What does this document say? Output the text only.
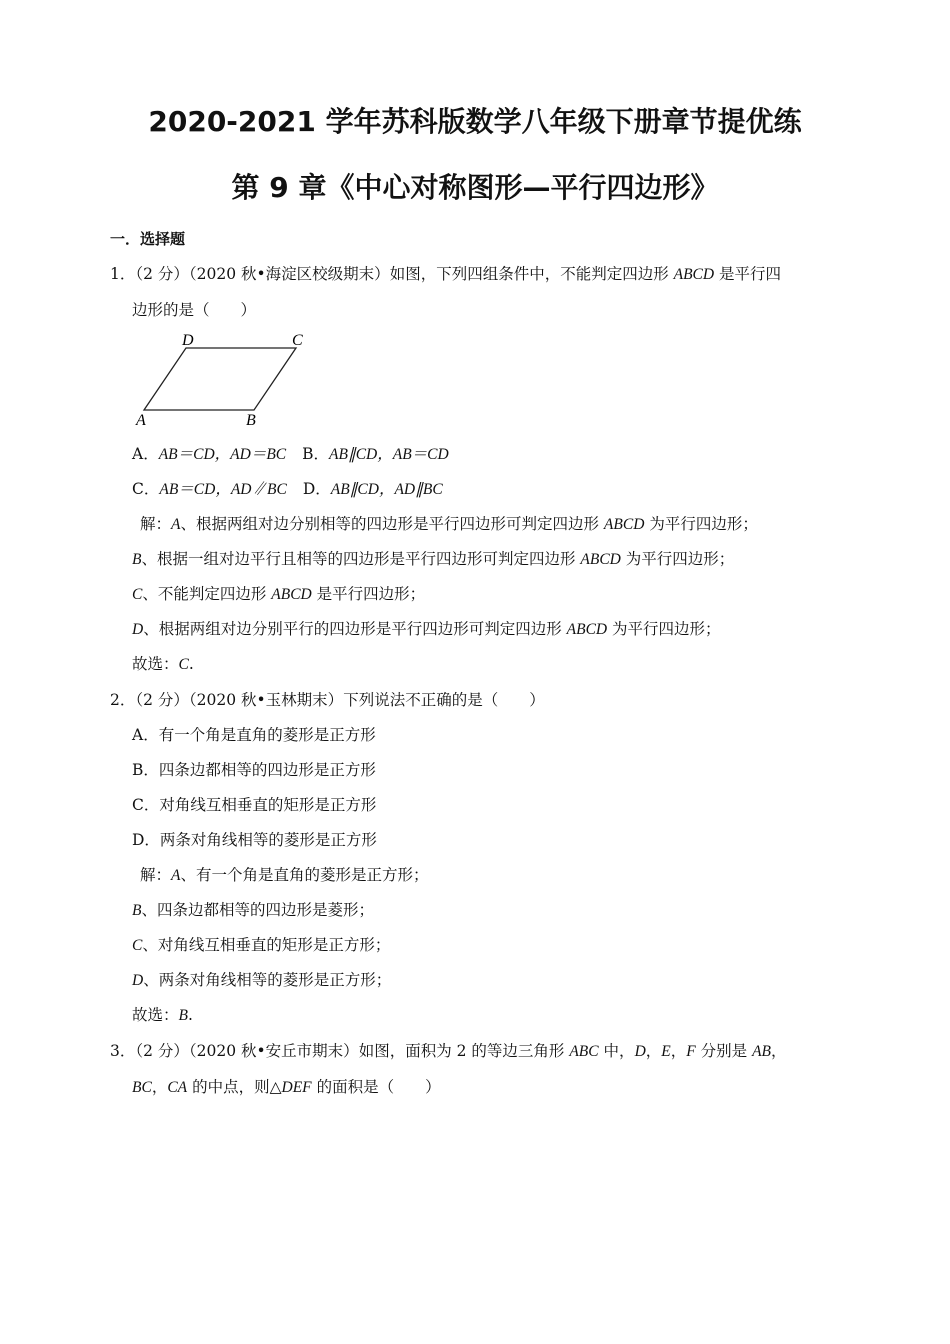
2020-2021 学年苏科版数学八年级下册章节提优练
第 9 章《中心对称图形—平行四边形》
一．选择题
1．（2 分）（2020 秋•海淀区校级期末）如图，下列四组条件中，不能判定四边形 ABCD 是平行四
边形的是（　　）
D	C
A	B
A．AB＝CD，AD＝BC B．AB∥CD，AB＝CD
C．AB＝CD，AD∥BC D．AB∥CD，AD∥BC
解：A、根据两组对边分别相等的四边形是平行四边形可判定四边形 ABCD 为平行四边形；
B、根据一组对边平行且相等的四边形是平行四边形可判定四边形 ABCD 为平行四边形；
C、不能判定四边形 ABCD 是平行四边形；
D、根据两组对边分别平行的四边形是平行四边形可判定四边形 ABCD 为平行四边形；
故选：C.
2．（2 分）（2020 秋•玉林期末）下列说法不正确的是（　　）
A．有一个角是直角的菱形是正方形
B．四条边都相等的四边形是正方形
C．对角线互相垂直的矩形是正方形
D．两条对角线相等的菱形是正方形
解：A、有一个角是直角的菱形是正方形；
B、四条边都相等的四边形是菱形；
C、对角线互相垂直的矩形是正方形；
D、两条对角线相等的菱形是正方形；
故选：B.
3．（2 分）（2020 秋•安丘市期末）如图，面积为 2 的等边三角形 ABC 中，D，E，F 分别是 AB，
BC，CA 的中点，则△DEF 的面积是（　　）
